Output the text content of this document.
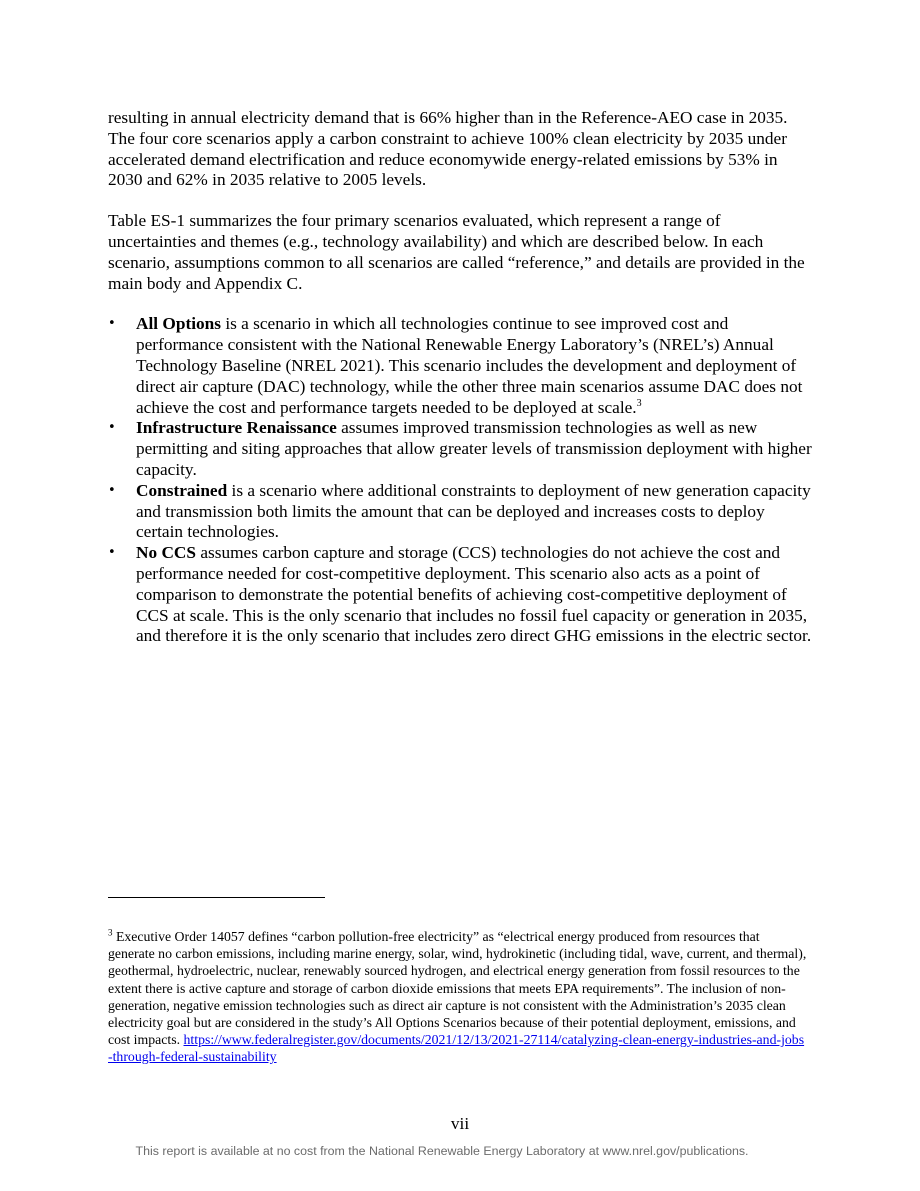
resulting in annual electricity demand that is 66% higher than in the Reference-AEO case in 2035. The four core scenarios apply a carbon constraint to achieve 100% clean electricity by 2035 under accelerated demand electrification and reduce economywide energy-related emissions by 53% in 2030 and 62% in 2035 relative to 2005 levels.

Table ES-1 summarizes the four primary scenarios evaluated, which represent a range of uncertainties and themes (e.g., technology availability) and which are described below. In each scenario, assumptions common to all scenarios are called “reference,” and details are provided in the main body and Appendix C.

•	All Options is a scenario in which all technologies continue to see improved cost and performance consistent with the National Renewable Energy Laboratory’s (NREL’s) Annual Technology Baseline (NREL 2021). This scenario includes the development and deployment of direct air capture (DAC) technology, while the other three main scenarios assume DAC does not achieve the cost and performance targets needed to be deployed at scale.$^3$
•	Infrastructure Renaissance assumes improved transmission technologies as well as new permitting and siting approaches that allow greater levels of transmission deployment with higher capacity.
•	Constrained is a scenario where additional constraints to deployment of new generation capacity and transmission both limits the amount that can be deployed and increases costs to deploy certain technologies.
•	No CCS assumes carbon capture and storage (CCS) technologies do not achieve the cost and performance needed for cost-competitive deployment. This scenario also acts as a point of comparison to demonstrate the potential benefits of achieving cost-competitive deployment of CCS at scale. This is the only scenario that includes no fossil fuel capacity or generation in 2035, and therefore it is the only scenario that includes zero direct GHG emissions in the electric sector.
$^3$ Executive Order 14057 defines “carbon pollution-free electricity” as “electrical energy produced from resources that generate no carbon emissions, including marine energy, solar, wind, hydrokinetic (including tidal, wave, current, and thermal), geothermal, hydroelectric, nuclear, renewably sourced hydrogen, and electrical energy generation from fossil resources to the extent there is active capture and storage of carbon dioxide emissions that meets EPA requirements”. The inclusion of non-generation, negative emission technologies such as direct air capture is not consistent with the Administration’s 2035 clean electricity goal but are considered in the study’s All Options Scenarios because of their potential deployment, emissions, and cost impacts. https://www.federalregister.gov/documents/2021/12/13/2021-27114/catalyzing-clean-energy-industries-and-jobs-through-federal-sustainability
vii
This report is available at no cost from the National Renewable Energy Laboratory at www.nrel.gov/publications.
